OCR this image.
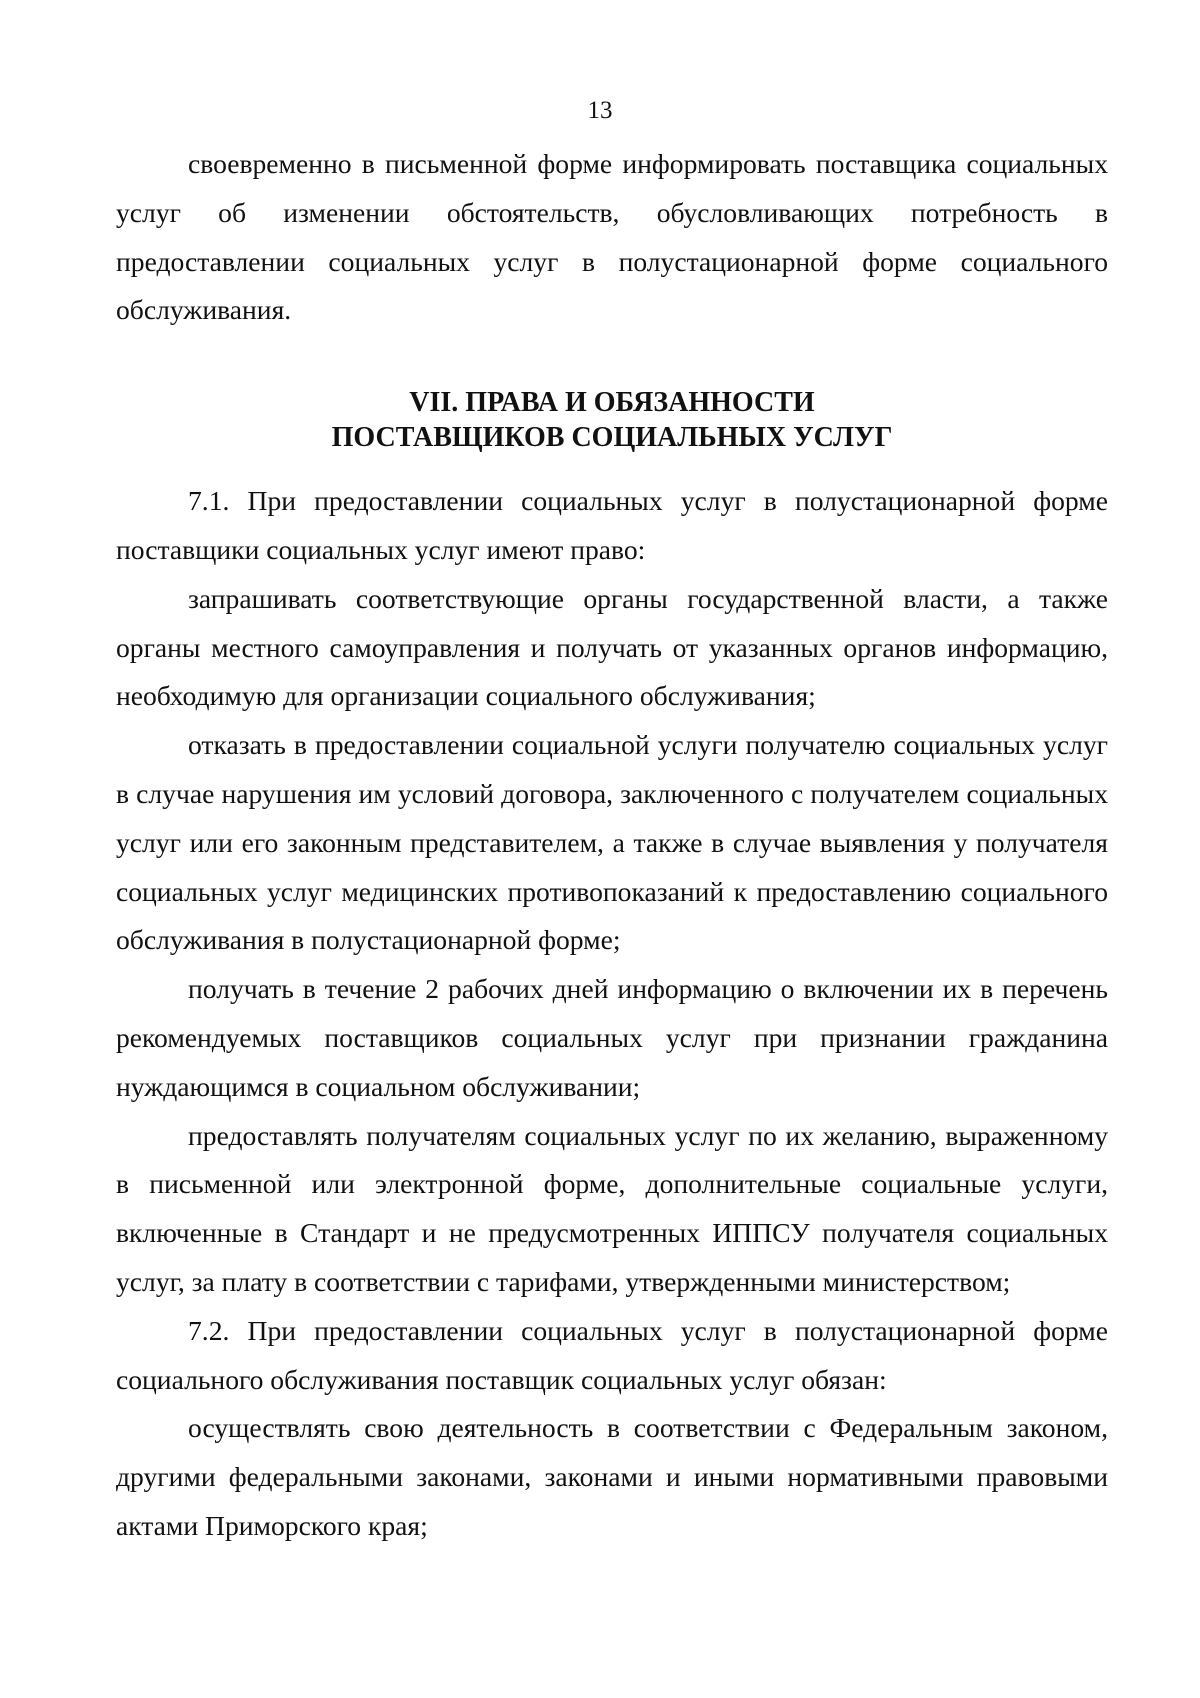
13

своевременно в письменной форме информировать поставщика социальных услуг об изменении обстоятельств, обусловливающих потребность в предоставлении социальных услуг в полустационарной форме социального обслуживания.

VII. ПРАВА И ОБЯЗАННОСТИ
ПОСТАВЩИКОВ СОЦИАЛЬНЫХ УСЛУГ

7.1. При предоставлении социальных услуг в полустационарной форме поставщики социальных услуг имеют право:

запрашивать соответствующие органы государственной власти, а также органы местного самоуправления и получать от указанных органов информацию, необходимую для организации социального обслуживания;

отказать в предоставлении социальной услуги получателю социальных услуг в случае нарушения им условий договора, заключенного с получателем социальных услуг или его законным представителем, а также в случае выявления у получателя социальных услуг медицинских противопоказаний к предоставлению социального обслуживания в полустационарной форме;

получать в течение 2 рабочих дней информацию о включении их в перечень рекомендуемых поставщиков социальных услуг при признании гражданина нуждающимся в социальном обслуживании;

предоставлять получателям социальных услуг по их желанию, выраженному в письменной или электронной форме, дополнительные социальные услуги, включенные в Стандарт и не предусмотренных ИППСУ получателя социальных услуг, за плату в соответствии с тарифами, утвержденными министерством;

7.2. При предоставлении социальных услуг в полустационарной форме социального обслуживания поставщик социальных услуг обязан:

осуществлять свою деятельность в соответствии с Федеральным законом, другими федеральными законами, законами и иными нормативными правовыми актами Приморского края;
